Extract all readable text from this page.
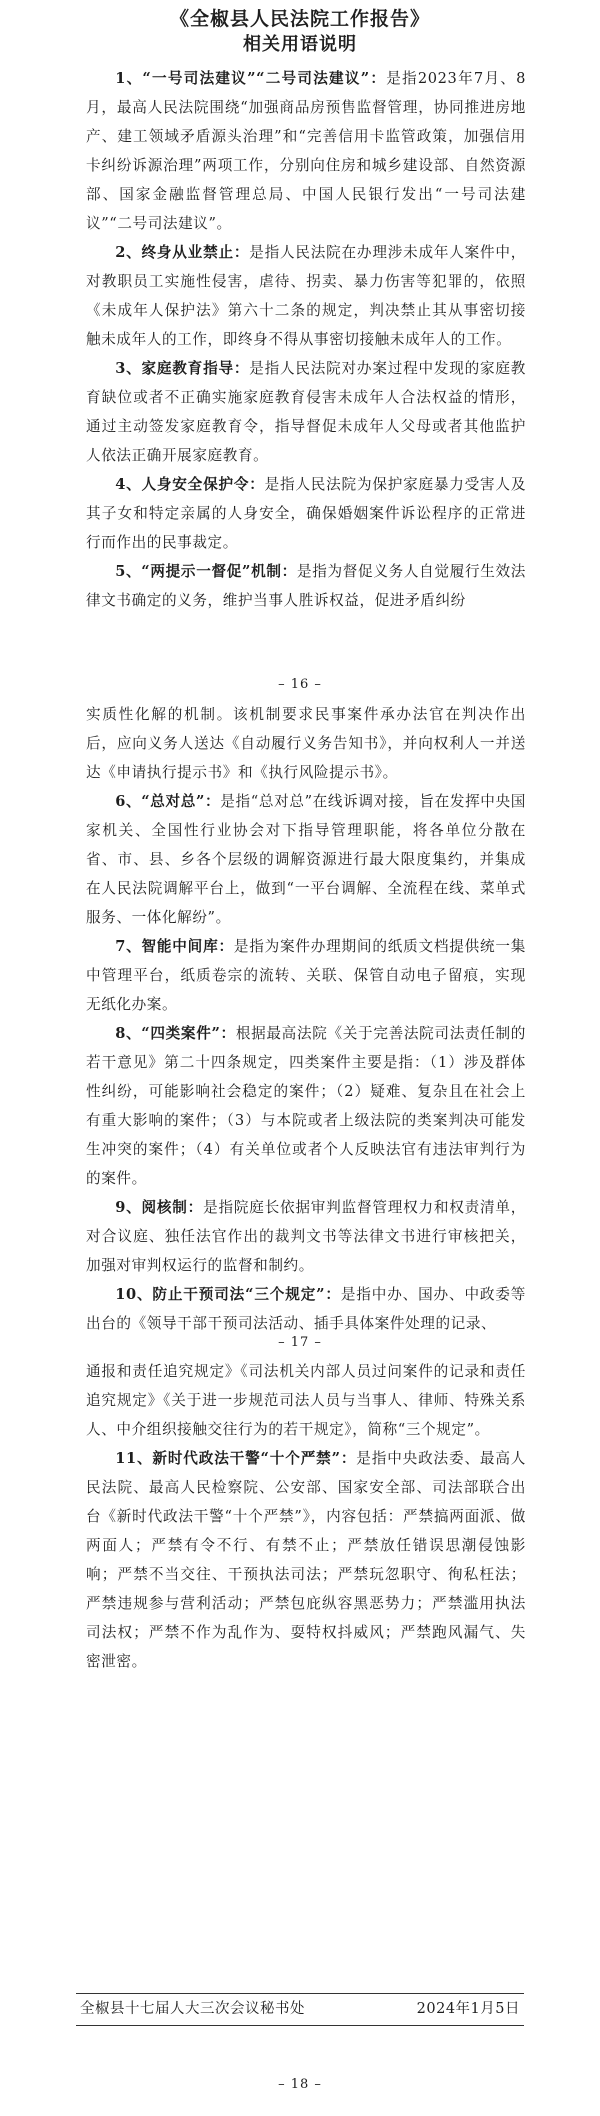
《全椒县人民法院工作报告》
相关用语说明

1、“一号司法建议”“二号司法建议”：是指2023年7月、8月，最高人民法院围绕“加强商品房预售监督管理，协同推进房地产、建工领域矛盾源头治理”和“完善信用卡监管政策，加强信用卡纠纷诉源治理”两项工作，分别向住房和城乡建设部、自然资源部、国家金融监督管理总局、中国人民银行发出“一号司法建议”“二号司法建议”。

2、终身从业禁止：是指人民法院在办理涉未成年人案件中，对教职员工实施性侵害，虐待、拐卖、暴力伤害等犯罪的，依照《未成年人保护法》第六十二条的规定，判决禁止其从事密切接触未成年人的工作，即终身不得从事密切接触未成年人的工作。

3、家庭教育指导：是指人民法院对办案过程中发现的家庭教育缺位或者不正确实施家庭教育侵害未成年人合法权益的情形，通过主动签发家庭教育令，指导督促未成年人父母或者其他监护人依法正确开展家庭教育。

4、人身安全保护令：是指人民法院为保护家庭暴力受害人及其子女和特定亲属的人身安全，确保婚姻案件诉讼程序的正常进行而作出的民事裁定。

5、“两提示一督促”机制：是指为督促义务人自觉履行生效法律文书确定的义务，维护当事人胜诉权益，促进矛盾纠纷

– 16 –

实质性化解的机制。该机制要求民事案件承办法官在判决作出后，应向义务人送达《自动履行义务告知书》，并向权利人一并送达《申请执行提示书》和《执行风险提示书》。

6、“总对总”：是指“总对总”在线诉调对接，旨在发挥中央国家机关、全国性行业协会对下指导管理职能，将各单位分散在省、市、县、乡各个层级的调解资源进行最大限度集约，并集成在人民法院调解平台上，做到“一平台调解、全流程在线、菜单式服务、一体化解纷”。

7、智能中间库：是指为案件办理期间的纸质文档提供统一集中管理平台，纸质卷宗的流转、关联、保管自动电子留痕，实现无纸化办案。

8、“四类案件”：根据最高法院《关于完善法院司法责任制的若干意见》第二十四条规定，四类案件主要是指：（1）涉及群体性纠纷，可能影响社会稳定的案件；（2）疑难、复杂且在社会上有重大影响的案件；（3）与本院或者上级法院的类案判决可能发生冲突的案件；（4）有关单位或者个人反映法官有违法审判行为的案件。

9、阅核制：是指院庭长依据审判监督管理权力和权责清单，对合议庭、独任法官作出的裁判文书等法律文书进行审核把关，加强对审判权运行的监督和制约。

10、防止干预司法“三个规定”：是指中办、国办、中政委等出台的《领导干部干预司法活动、插手具体案件处理的记录、

– 17 –

通报和责任追究规定》《司法机关内部人员过问案件的记录和责任追究规定》《关于进一步规范司法人员与当事人、律师、特殊关系人、中介组织接触交往行为的若干规定》，简称“三个规定”。

11、新时代政法干警“十个严禁”：是指中央政法委、最高人民法院、最高人民检察院、公安部、国家安全部、司法部联合出台《新时代政法干警“十个严禁”》，内容包括：严禁搞两面派、做两面人；严禁有令不行、有禁不止；严禁放任错误思潮侵蚀影响；严禁不当交往、干预执法司法；严禁玩忽职守、徇私枉法；严禁违规参与营利活动；严禁包庇纵容黑恶势力；严禁滥用执法司法权；严禁不作为乱作为、耍特权抖威风；严禁跑风漏气、失密泄密。

全椒县十七届人大三次会议秘书处	2024年1月5日
– 18 –
